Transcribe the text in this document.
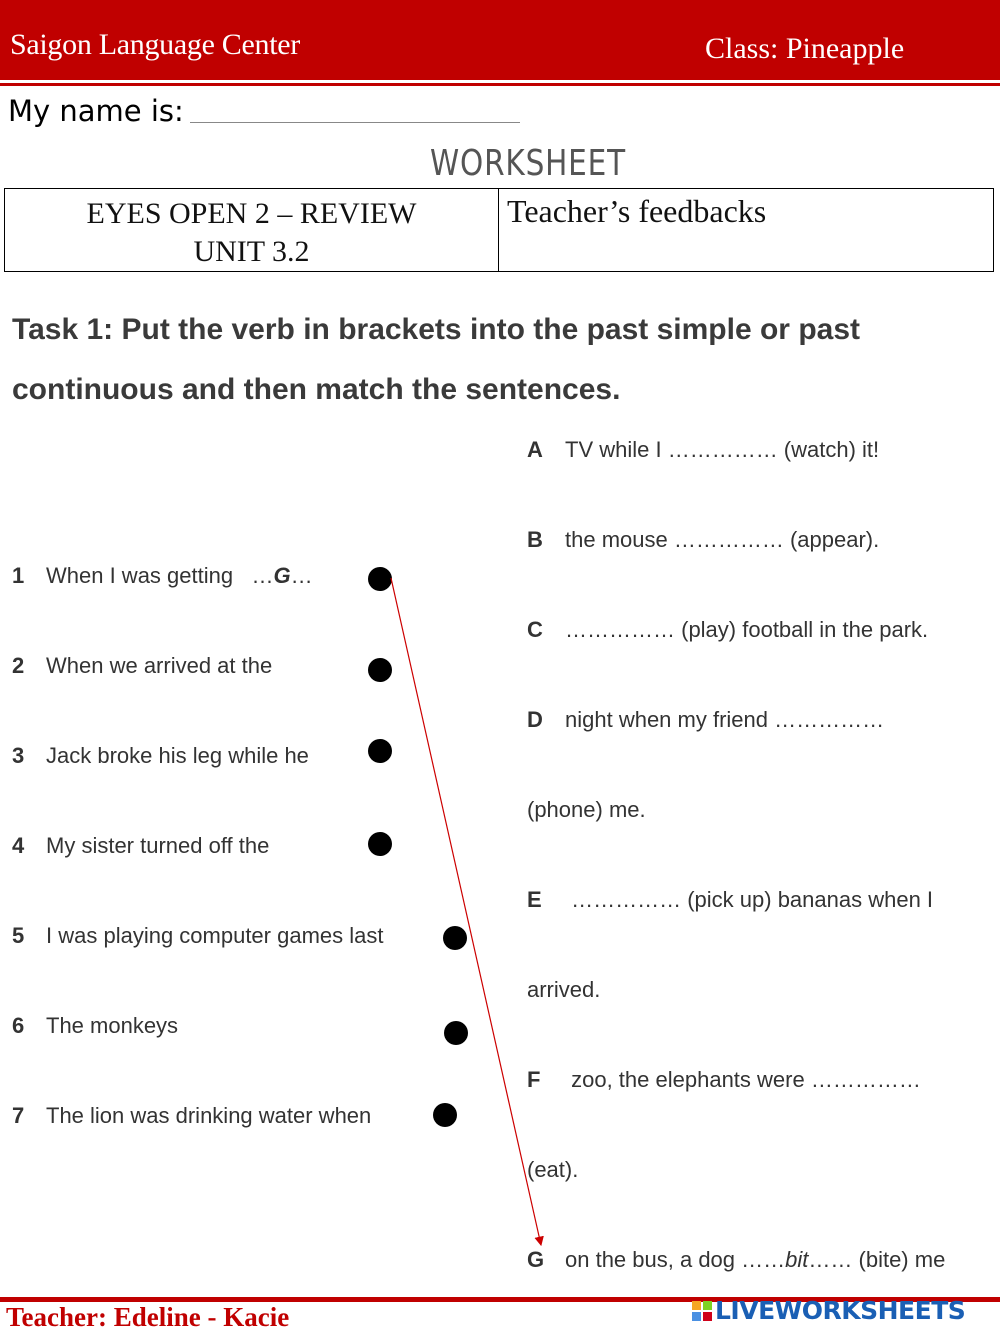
Saigon Language Center	Class: Pineapple
My name is:
WORKSHEET
EYES OPEN 2 – REVIEW
UNIT 3.2
Teacher’s feedbacks
Task 1: Put the verb in brackets into the past simple or past continuous and then match the sentences.
1 When I was getting …G…
2 When we arrived at the
3 Jack broke his leg while he
4 My sister turned off the
5 I was playing computer games last
6 The monkeys
7 The lion was drinking water when
A TV while I …………… (watch) it!
B the mouse …………… (appear).
C …………… (play) football in the park.
D night when my friend ……………
(phone) me.
E …………… (pick up) bananas when I
arrived.
F zoo, the elephants were ……………
(eat).
G on the bus, a dog ……bit…… (bite) me
Teacher: Edeline - Kacie	LIVEWORKSHEETS
